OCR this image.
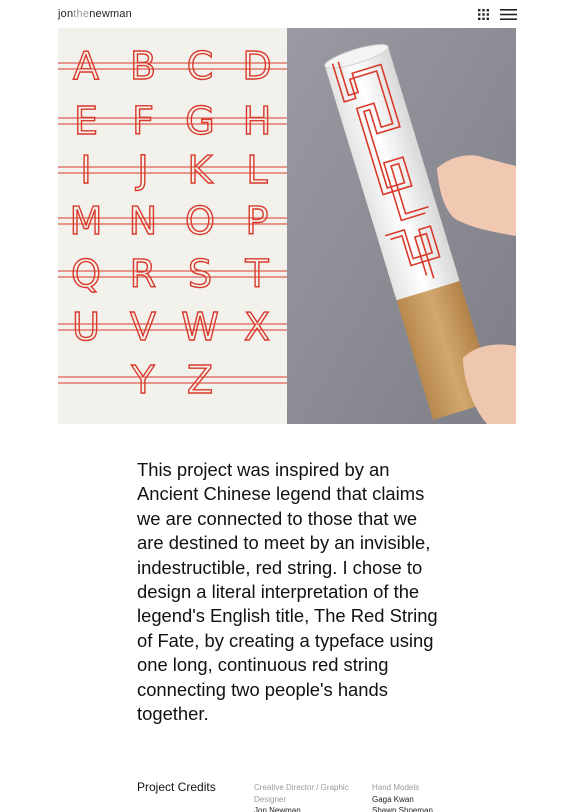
jonthenewman
A B C D
E F G H
I J K L
M N O P
Q R S T
U V W X
Y Z

This project was inspired by an Ancient Chinese legend that claims we are connected to those that we are destined to meet by an invisible, indestructible, red string. I chose to design a literal interpretation of the legend's English title, The Red String of Fate, by creating a typeface using one long, continuous red string connecting two people's hands together.

Project Credits	Creative Director / Graphic Designer
Jon Newman
Hand Models
Gaga Kwan
Shawn Shoeman
